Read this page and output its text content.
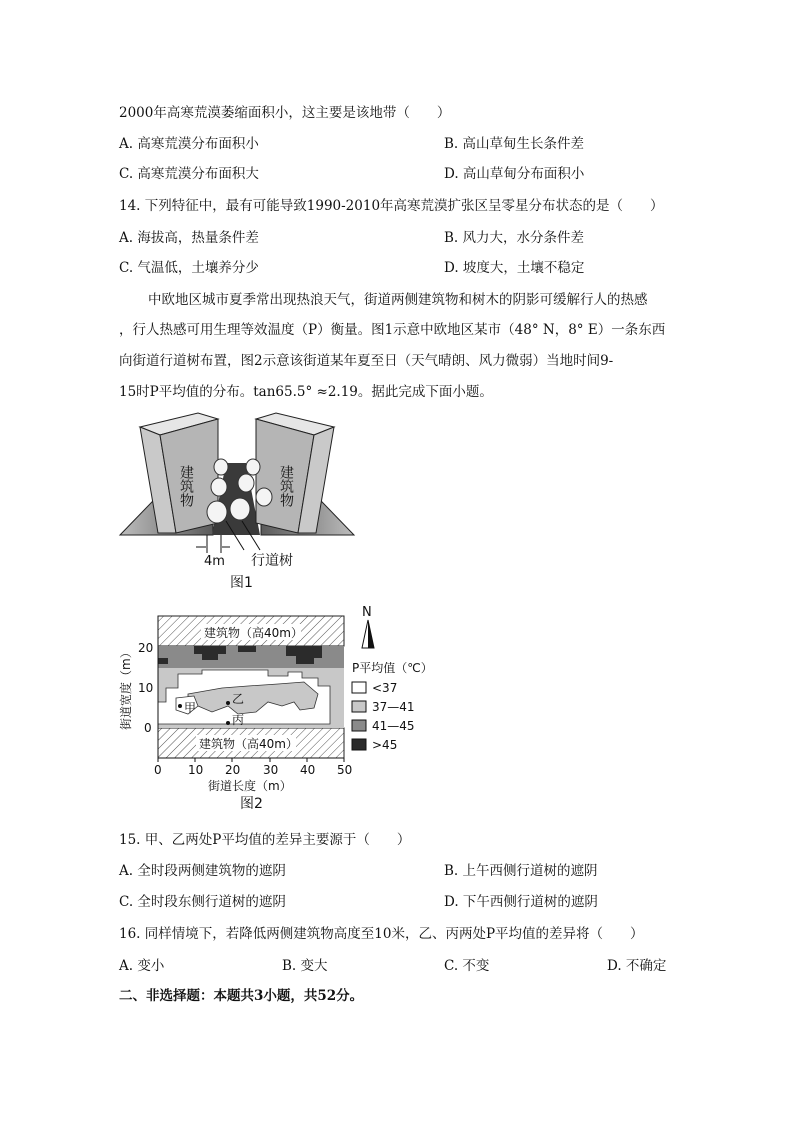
2000年高寒荒漠萎缩面积小，这主要是该地带（　　）
A. 高寒荒漠分布面积小	B. 高山草甸生长条件差
C. 高寒荒漠分布面积大	D. 高山草甸分布面积小
14. 下列特征中，最有可能导致1990-2010年高寒荒漠扩张区呈零星分布状态的是（　　）
A. 海拔高，热量条件差	B. 风力大，水分条件差
C. 气温低，土壤养分少	D. 坡度大，土壤不稳定
中欧地区城市夏季常出现热浪天气，街道两侧建筑物和树木的阴影可缓解行人的热感
，行人热感可用生理等效温度（P）衡量。图1示意中欧地区某市（48° N，8° E）一条东西
向街道行道树布置，图2示意该街道某年夏至日（天气晴朗、风力微弱）当地时间9-
15时P平均值的分布。tan65.5° ≈2.19。据此完成下面小题。
建筑物	建筑物
4m 行道树
图1
建筑物（高40m）
建筑物（高40m）
甲
乙
丙
0 10 20 30 40 50
0
10
20
街道宽度（m）
街道长度（m）
图2
N
P平均值（℃）
<37
37—41
41—45
>45
15. 甲、乙两处P平均值的差异主要源于（　　）
A. 全时段两侧建筑物的遮阴	B. 上午西侧行道树的遮阴
C. 全时段东侧行道树的遮阴	D. 下午西侧行道树的遮阴
16. 同样情境下，若降低两侧建筑物高度至10米，乙、丙两处P平均值的差异将（　　）
A. 变小	B. 变大	C. 不变	D. 不确定
二、非选择题：本题共3小题，共52分。
